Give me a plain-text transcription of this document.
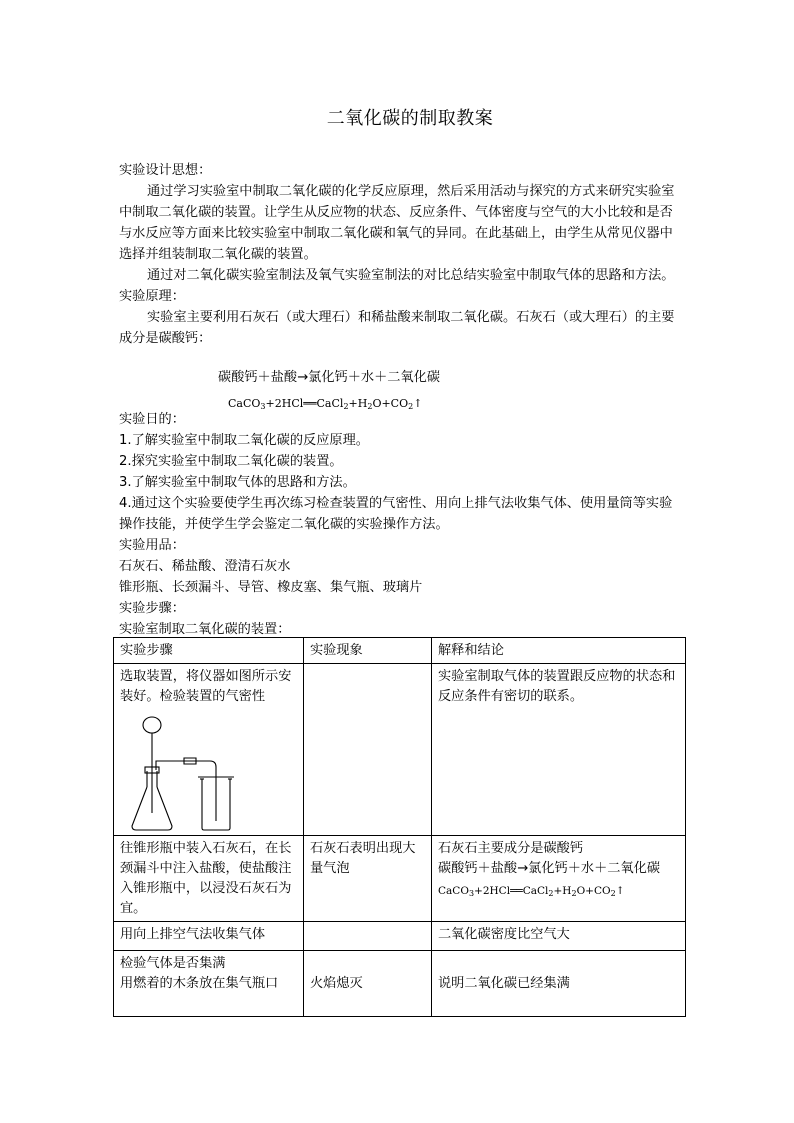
二氧化碳的制取教案

实验设计思想：

通过学习实验室中制取二氧化碳的化学反应原理，然后采用活动与探究的方式来研究实验室中制取二氧化碳的装置。让学生从反应物的状态、反应条件、气体密度与空气的大小比较和是否与水反应等方面来比较实验室中制取二氧化碳和氧气的异同。在此基础上，由学生从常见仪器中选择并组装制取二氧化碳的装置。

通过对二氧化碳实验室制法及氧气实验室制法的对比总结实验室中制取气体的思路和方法。

实验原理：

实验室主要利用石灰石（或大理石）和稀盐酸来制取二氧化碳。石灰石（或大理石）的主要成分是碳酸钙：

碳酸钙＋盐酸→氯化钙＋水＋二氧化碳
$CaCO_3+2HCl══CaCl_2+H_2O+CO_2↑$

实验日的：

1.了解实验室中制取二氧化碳的反应原理。

2.探究实验室中制取二氧化碳的装置。

3.了解实验室中制取气体的思路和方法。

4.通过这个实验要使学生再次练习检查装置的气密性、用向上排气法收集气体、使用量筒等实验操作技能，并使学生学会鉴定二氧化碳的实验操作方法。

实验用品：

石灰石、稀盐酸、澄清石灰水

锥形瓶、长颈漏斗、导管、橡皮塞、集气瓶、玻璃片

实验步骤：

实验室制取二氧化碳的装置：

实验步骤	实验现象	解释和结论

选取装置，将仪器如图所示安装好。检验装置的气密性		实验室制取气体的装置跟反应物的状态和反应条件有密切的联系。
往锥形瓶中装入石灰石，在长颈漏斗中注入盐酸，使盐酸注入锥形瓶中，以浸没石灰石为宜。	石灰石表明出现大量气泡	石灰石主要成分是碳酸钙
碳酸钙＋盐酸→氯化钙＋水＋二氧化碳
$CaCO_3+2HCl══CaCl_2+H_2O+CO_2↑$

用向上排空气法收集气体		二氧化碳密度比空气大

检验气体是否集满
用燃着的木条放在集气瓶口	火焰熄灭	说明二氧化碳已经集满
